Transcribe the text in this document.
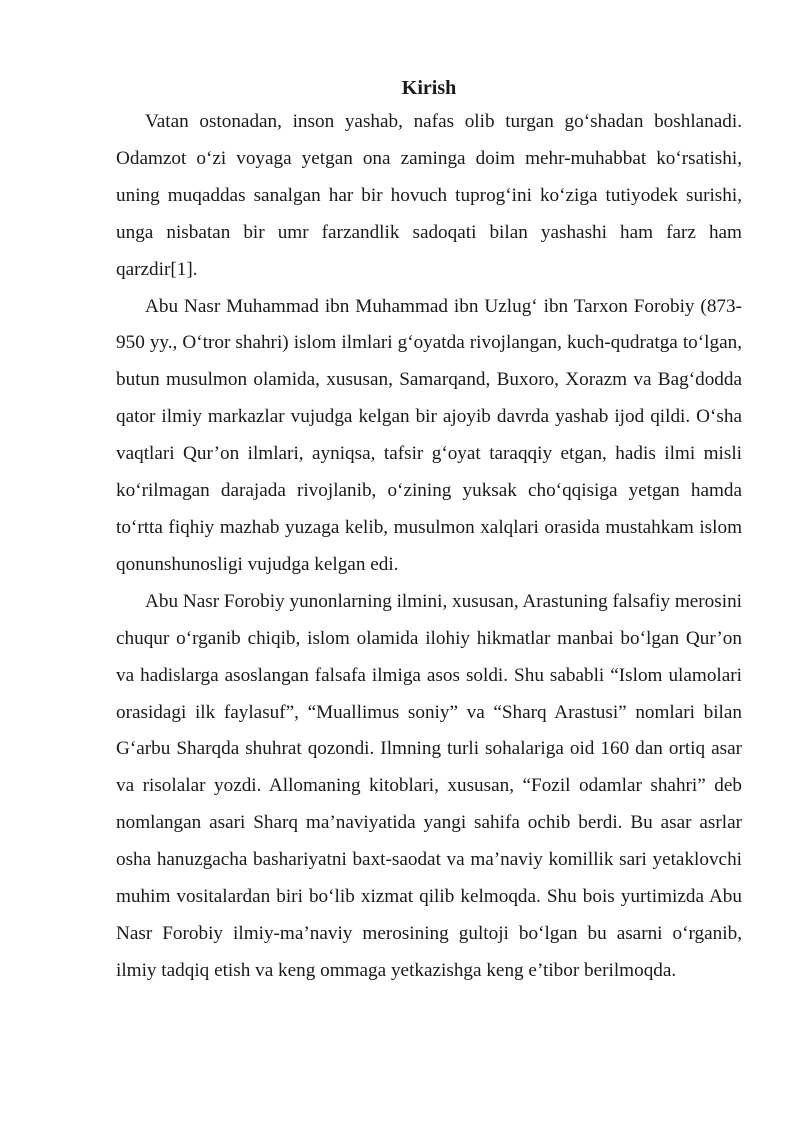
Kirish

Vatan ostonadan, inson yashab, nafas olib turgan go‘shadan boshlanadi. Odamzot o‘zi voyaga yetgan ona zaminga doim mehr-muhabbat ko‘rsatishi, uning muqaddas sanalgan har bir hovuch tuprog‘ini ko‘ziga tutiyodek surishi, unga nisbatan bir umr farzandlik sadoqati bilan yashashi ham farz ham qarzdir[1].

Abu Nasr Muhammad ibn Muhammad ibn Uzlug‘ ibn Tarxon Forobiy (873-950 yy., O‘tror shahri) islom ilmlari g‘oyatda rivojlangan, kuch-qudratga to‘lgan, butun musulmon olamida, xususan, Samarqand, Buxoro, Xorazm va Bag‘dodda qator ilmiy markazlar vujudga kelgan bir ajoyib davrda yashab ijod qildi. O‘sha vaqtlari Qur’on ilmlari, ayniqsa, tafsir g‘oyat taraqqiy etgan, hadis ilmi misli ko‘rilmagan darajada rivojlanib, o‘zining yuksak cho‘qqisiga yetgan hamda to‘rtta fiqhiy mazhab yuzaga kelib, musulmon xalqlari orasida mustahkam islom qonunshunosligi vujudga kelgan edi.

Abu Nasr Forobiy yunonlarning ilmini, xususan, Arastuning falsafiy merosini chuqur o‘rganib chiqib, islom olamida ilohiy hikmatlar manbai bo‘lgan Qur’on va hadislarga asoslangan falsafa ilmiga asos soldi. Shu sababli “Islom ulamolari orasidagi ilk faylasuf”, “Muallimus soniy” va “Sharq Arastusi” nomlari bilan G‘arbu Sharqda shuhrat qozondi. Ilmning turli sohalariga oid 160 dan ortiq asar va risolalar yozdi. Allomaning kitoblari, xususan, “Fozil odamlar shahri” deb nomlangan asari Sharq ma’naviyatida yangi sahifa ochib berdi. Bu asar asrlar osha hanuzgacha bashariyatni baxt-saodat va ma’naviy komillik sari yetaklovchi muhim vositalardan biri bo‘lib xizmat qilib kelmoqda. Shu bois yurtimizda Abu Nasr Forobiy ilmiy-ma’naviy merosining gultoji bo‘lgan bu asarni o‘rganib, ilmiy tadqiq etish va keng ommaga yetkazishga keng e’tibor berilmoqda.
